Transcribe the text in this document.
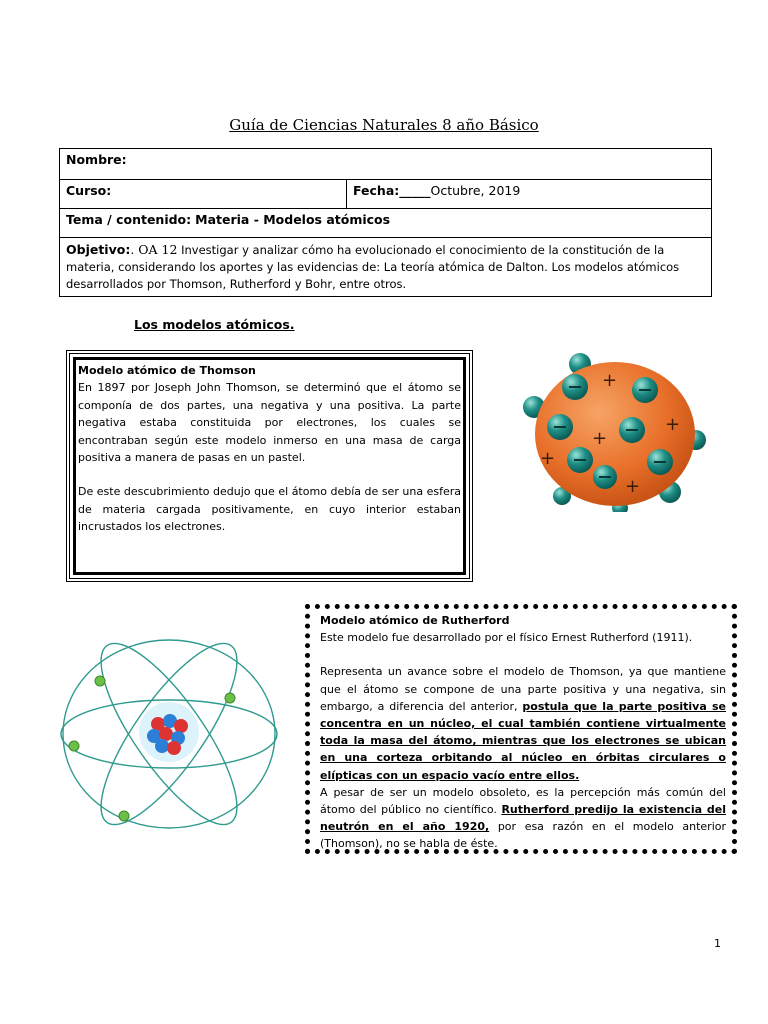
Guía de Ciencias Naturales 8 año Básico
Nombre:
Curso:	Fecha:_____Octubre, 2019
Tema / contenido: Materia - Modelos atómicos
Objetivo:. OA 12 Investigar y analizar cómo ha evolucionado el conocimiento de la constitución de la materia, considerando los aportes y las evidencias de: La teoría atómica de Dalton. Los modelos atómicos desarrollados por Thomson, Rutherford y Bohr, entre otros.
Los modelos atómicos.

Modelo atómico de Thomson

En 1897 por Joseph John Thomson, se determinó que el átomo se componía de dos partes, una negativa y una positiva. La parte negativa estaba constituida por electrones, los cuales se encontraban según este modelo inmerso en una masa de carga positiva a manera de pasas en un pastel.

De este descubrimiento dedujo que el átomo debía de ser una esfera de materia cargada positivamente, en cuyo interior estaban incrustados los electrones.

+
+
+
+
+

Modelo atómico de Rutherford

Este modelo fue desarrollado por el físico Ernest Rutherford (1911).

Representa un avance sobre el modelo de Thomson, ya que mantiene que el átomo se compone de una parte positiva y una negativa, sin embargo, a diferencia del anterior, postula que la parte positiva se concentra en un núcleo, el cual también contiene virtualmente toda la masa del átomo, mientras que los electrones se ubican en una corteza orbitando al núcleo en órbitas circulares o elípticas con un espacio vacío entre ellos.

A pesar de ser un modelo obsoleto, es la percepción más común del átomo del público no científico. Rutherford predijo la existencia del neutrón en el año 1920, por esa razón en el modelo anterior (Thomson), no se habla de éste.

1
